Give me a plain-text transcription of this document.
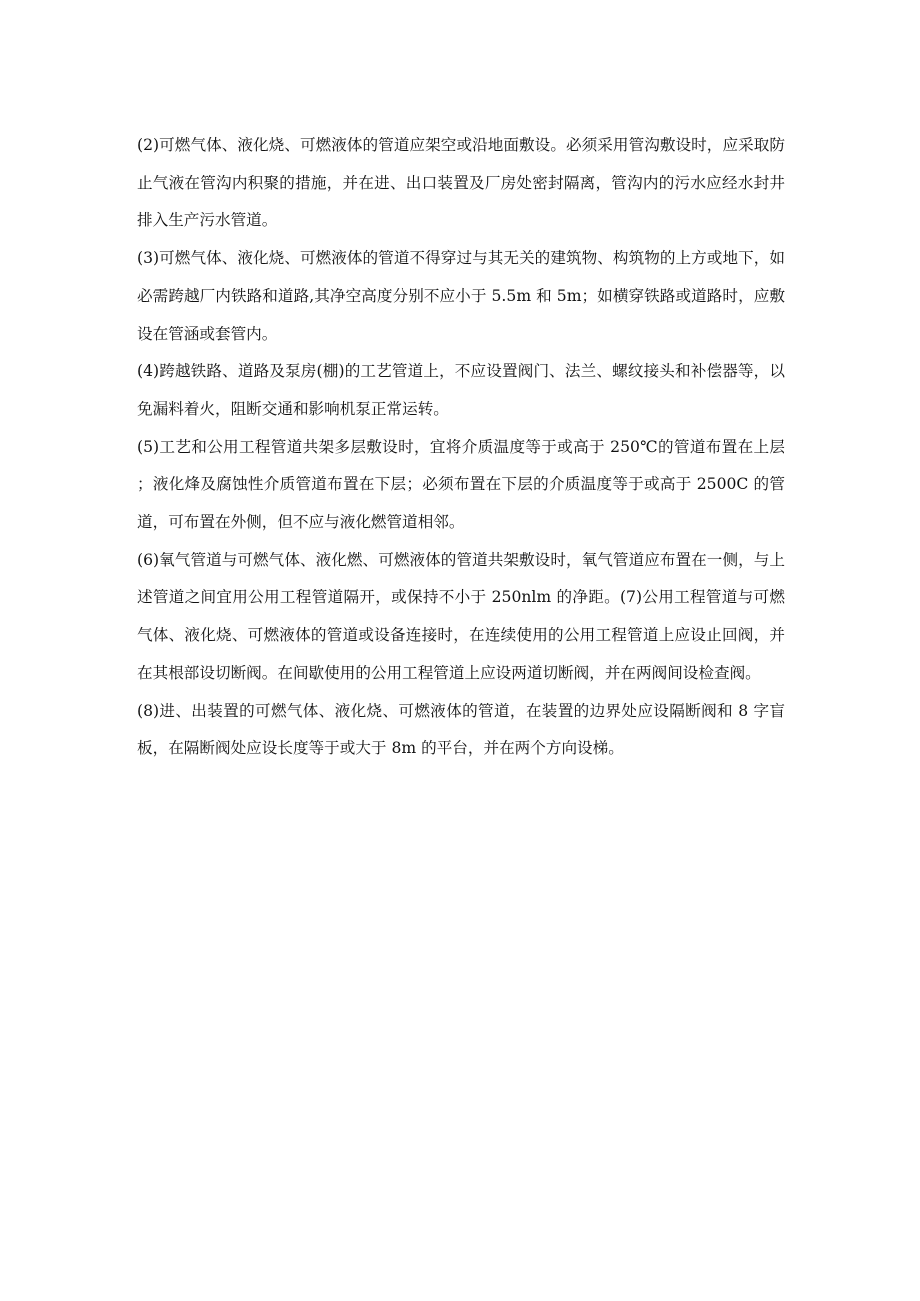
(2)可燃气体、液化烧、可燃液体的管道应架空或沿地面敷设。必须采用管沟敷设时，应采取防止气液在管沟内积聚的措施，并在进、出口装置及厂房处密封隔离，管沟内的污水应经水封井排入生产污水管道。

(3)可燃气体、液化烧、可燃液体的管道不得穿过与其无关的建筑物、构筑物的上方或地下，如必需跨越厂内铁路和道路,其净空高度分别不应小于 5.5m 和 5m；如横穿铁路或道路时，应敷设在管涵或套管内。

(4)跨越铁路、道路及泵房(棚)的工艺管道上，不应设置阀门、法兰、螺纹接头和补偿器等，以免漏料着火，阻断交通和影响机泵正常运转。

(5)工艺和公用工程管道共架多层敷设时，宜将介质温度等于或高于 250℃的管道布置在上层；液化烽及腐蚀性介质管道布置在下层；必须布置在下层的介质温度等于或高于 2500C 的管道，可布置在外侧，但不应与液化燃管道相邻。

(6)氧气管道与可燃气体、液化燃、可燃液体的管道共架敷设时，氧气管道应布置在一侧，与上述管道之间宜用公用工程管道隔开，或保持不小于 250nlm 的净距。(7)公用工程管道与可燃气体、液化烧、可燃液体的管道或设备连接时，在连续使用的公用工程管道上应设止回阀，并在其根部设切断阀。在间歇使用的公用工程管道上应设两道切断阀，并在两阀间设检查阀。

(8)进、出装置的可燃气体、液化烧、可燃液体的管道，在装置的边界处应设隔断阀和 8 字盲板，在隔断阀处应设长度等于或大于 8m 的平台，并在两个方向设梯。
